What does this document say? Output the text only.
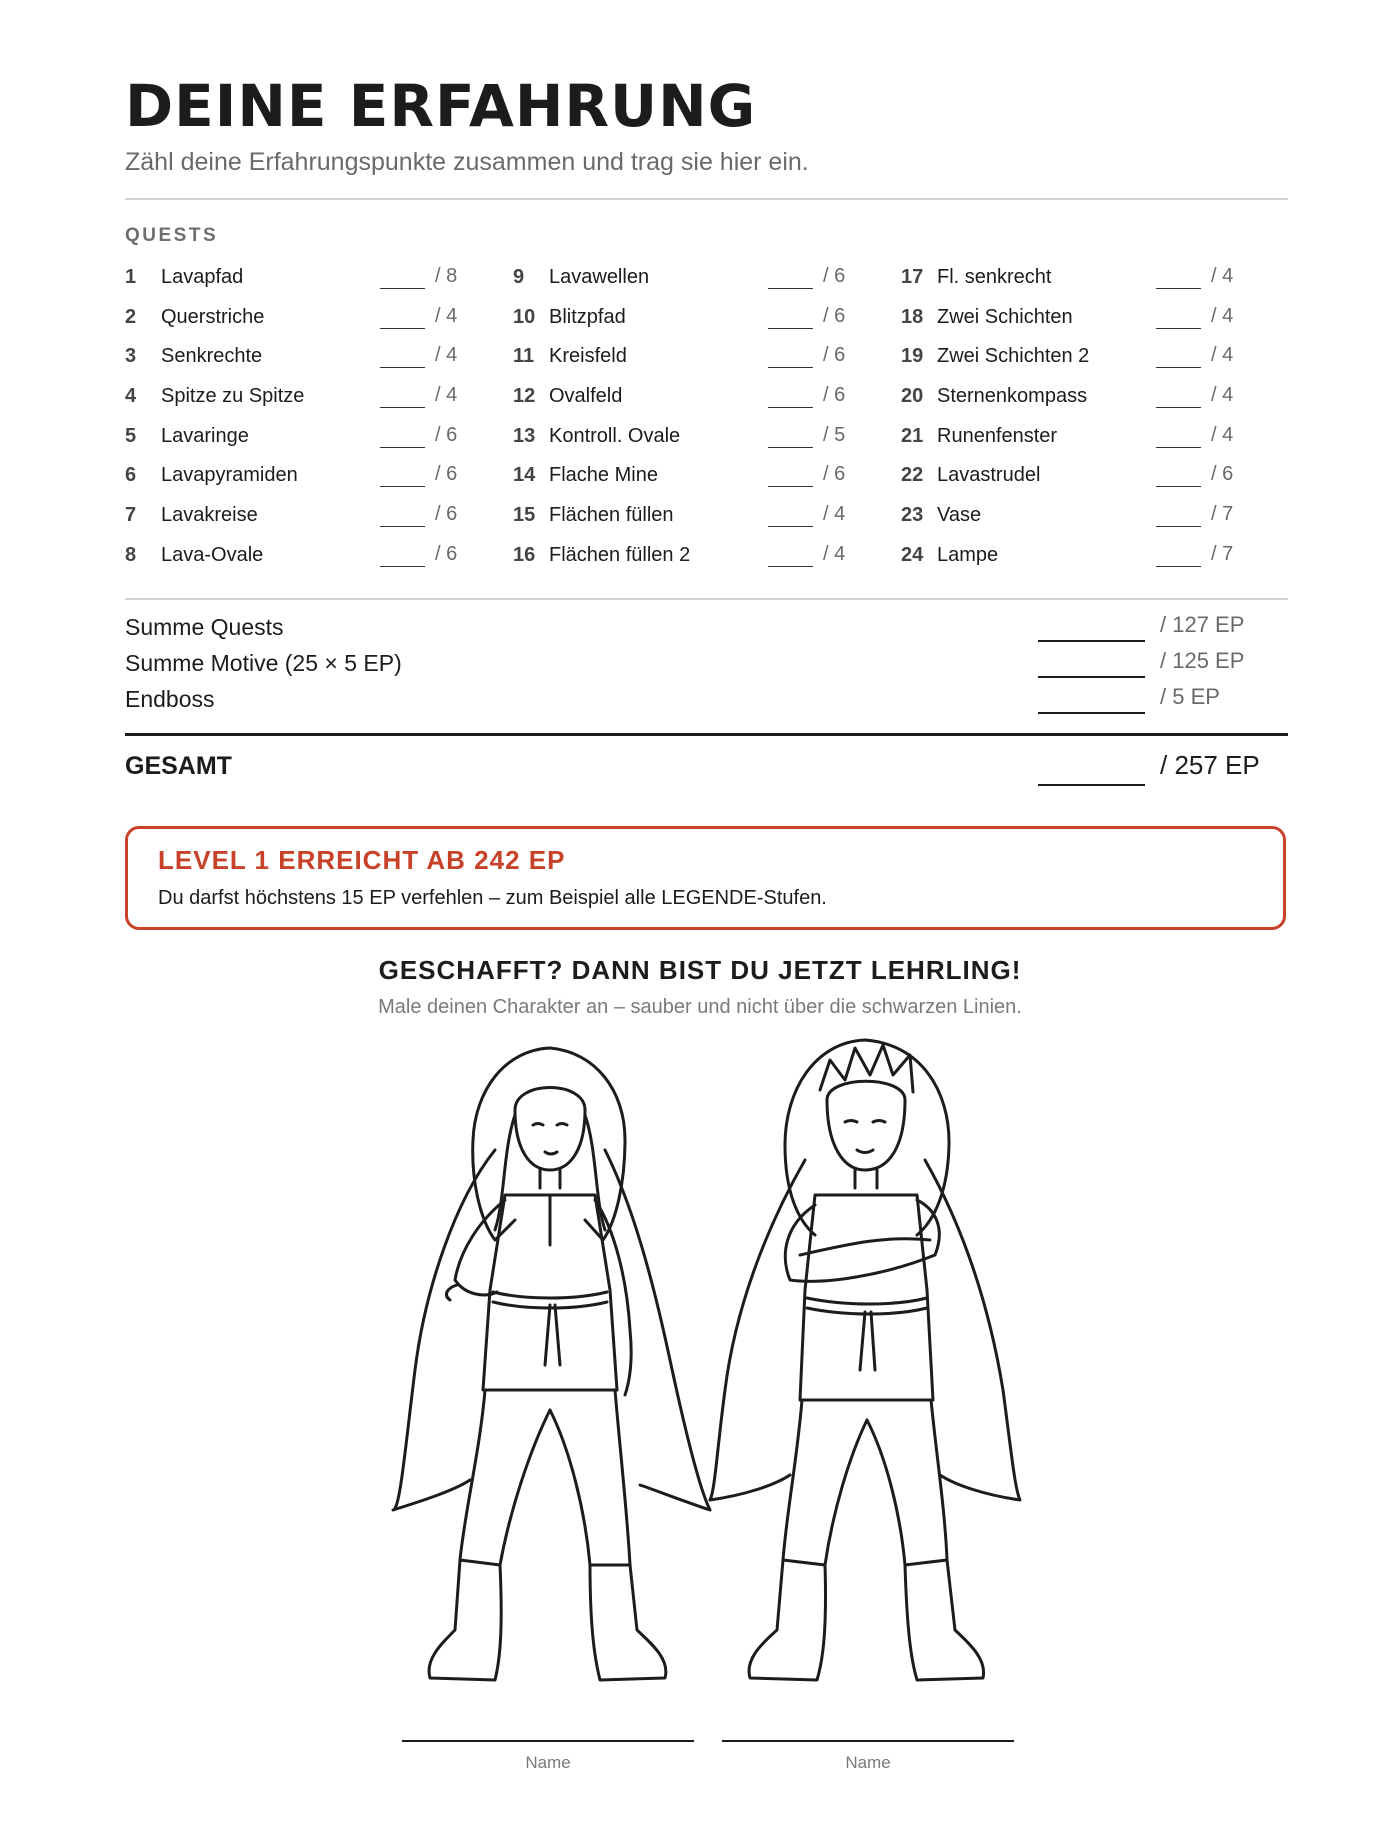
DEINE ERFAHRUNG
Zähl deine Erfahrungspunkte zusammen und trag sie hier ein.
QUESTS
1 Lavapfad	/ 8
2 Querstriche	/ 4
3 Senkrechte	/ 4
4 Spitze zu Spitze	/ 4
5 Lavaringe	/ 6
6 Lavapyramiden	/ 6
7 Lavakreise	/ 6
8 Lava-Ovale	/ 6
9 Lavawellen	/ 6
10 Blitzpfad	/ 6
11 Kreisfeld	/ 6
12 Ovalfeld	/ 6
13 Kontroll. Ovale	/ 5
14 Flache Mine	/ 6
15 Flächen füllen	/ 4
16 Flächen füllen 2	/ 4
17 Fl. senkrecht	/ 4
18 Zwei Schichten	/ 4
19 Zwei Schichten 2	/ 4
20 Sternenkompass	/ 4
21 Runenfenster	/ 4
22 Lavastrudel	/ 6
23 Vase	/ 7
24 Lampe	/ 7
Summe Quests	/ 127 EP
Summe Motive (25 × 5 EP)	/ 125 EP
Endboss	/ 5 EP
GESAMT	/ 257 EP
LEVEL 1 ERREICHT AB 242 EP
Du darfst höchstens 15 EP verfehlen – zum Beispiel alle LEGENDE-Stufen.
GESCHAFFT? DANN BIST DU JETZT LEHRLING!
Male deinen Charakter an – sauber und nicht über die schwarzen Linien.
Name	Name
